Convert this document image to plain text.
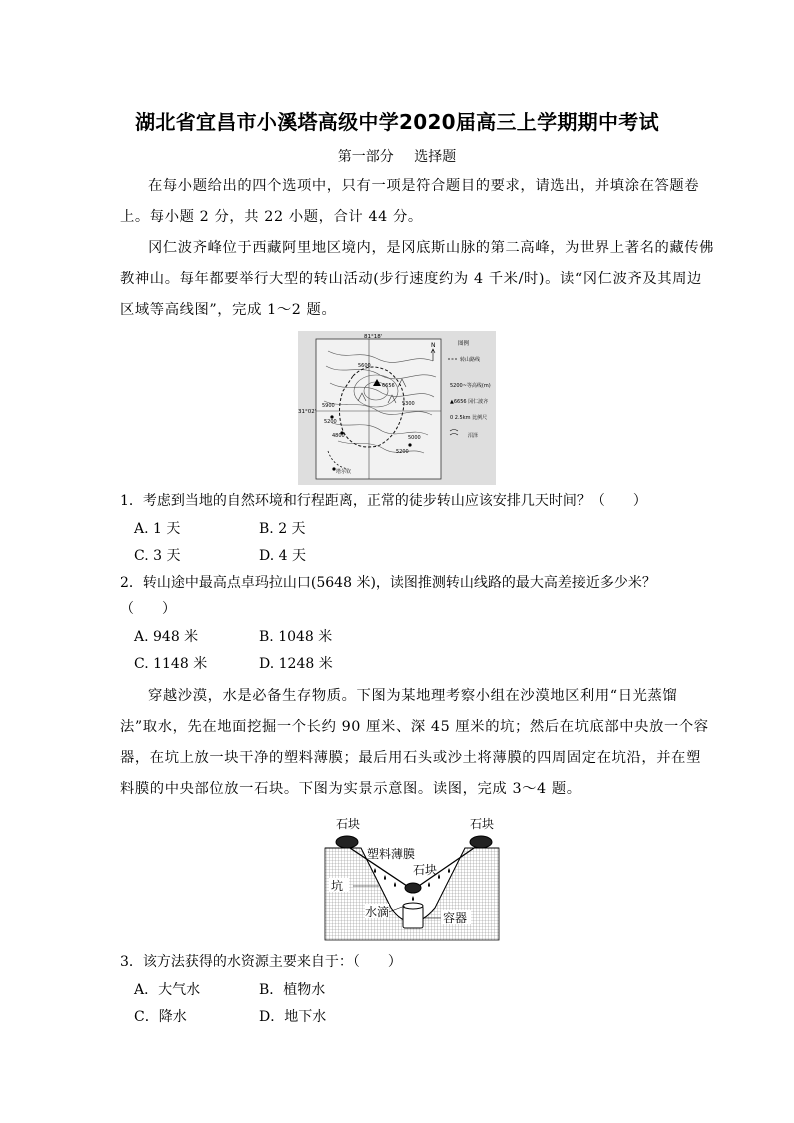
湖北省宜昌市小溪塔高级中学2020届高三上学期期中考试
第一部分 选择题
在每小题给出的四个选项中，只有一项是符合题目的要求，请选出，并填涂在答题卷
上。每小题 2 分，共 22 小题，合计 44 分。
冈仁波齐峰位于西藏阿里地区境内，是冈底斯山脉的第二高峰，为世界上著名的藏传佛
教神山。每年都要举行大型的转山活动(步行速度约为 4 千米/时)。读“冈仁波齐及其周边
区域等高线图”，完成 1～2 题。
81°18'
31°02'
N
6656
5600
5900
5200
4800	5000
5300
5200
塔尔钦
图例
转山路线
5200~等高线(m)
▲6656 冈仁波齐
0 2.5km 比例尺
沼泽
1．考虑到当地的自然环境和行程距离，正常的徒步转山应该安排几天时间？（　　）
A. 1 天	B. 2 天
C. 3 天	D. 4 天
2．转山途中最高点卓玛拉山口(5648 米)，读图推测转山线路的最大高差接近多少米？
（　　）
A. 948 米	B. 1048 米
C. 1148 米	D. 1248 米
穿越沙漠，水是必备生存物质。下图为某地理考察小组在沙漠地区利用“日光蒸馏
法”取水，先在地面挖掘一个长约 90 厘米、深 45 厘米的坑；然后在坑底部中央放一个容
器，在坑上放一块干净的塑料薄膜；最后用石头或沙土将薄膜的四周固定在坑沿，并在塑
料膜的中央部位放一石块。下图为实景示意图。读图，完成 3～4 题。
石块	石块
塑料薄膜
石块
坑
水滴	容器
3．该方法获得的水资源主要来自于：（　　）
A．大气水	B．植物水
C．降水	D．地下水
